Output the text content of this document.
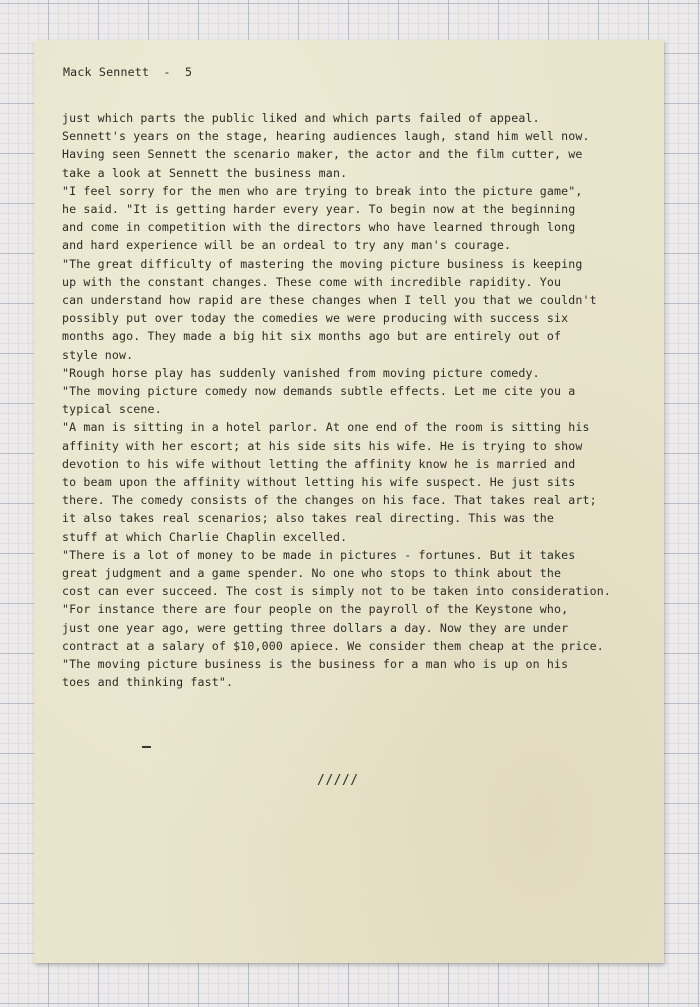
Mack Sennett  -  5
just which parts the public liked and which parts failed of appeal.
Sennett's years on the stage, hearing audiences laugh, stand him well now.
Having seen Sennett the scenario maker, the actor and the film cutter, we
take a look at Sennett the business man.
"I feel sorry for the men who are trying to break into the picture game",
he said. "It is getting harder every year. To begin now at the beginning
and come in competition with the directors who have learned through long
and hard experience will be an ordeal to try any man's courage.
"The great difficulty of mastering the moving picture business is keeping
up with the constant changes. These come with incredible rapidity. You
can understand how rapid are these changes when I tell you that we couldn't
possibly put over today the comedies we were producing with success six
months ago. They made a big hit six months ago but are entirely out of
style now.
"Rough horse play has suddenly vanished from moving picture comedy.
"The moving picture comedy now demands subtle effects. Let me cite you a
typical scene.
"A man is sitting in a hotel parlor. At one end of the room is sitting his
affinity with her escort; at his side sits his wife. He is trying to show
devotion to his wife without letting the affinity know he is married and
to beam upon the affinity without letting his wife suspect. He just sits
there. The comedy consists of the changes on his face. That takes real art;
it also takes real scenarios; also takes real directing. This was the
stuff at which Charlie Chaplin excelled.
"There is a lot of money to be made in pictures - fortunes. But it takes
great judgment and a game spender. No one who stops to think about the
cost can ever succeed. The cost is simply not to be taken into consideration.
"For instance there are four people on the payroll of the Keystone who,
just one year ago, were getting three dollars a day. Now they are under
contract at a salary of $10,000 apiece. We consider them cheap at the price.
"The moving picture business is the business for a man who is up on his
toes and thinking fast".
/////
